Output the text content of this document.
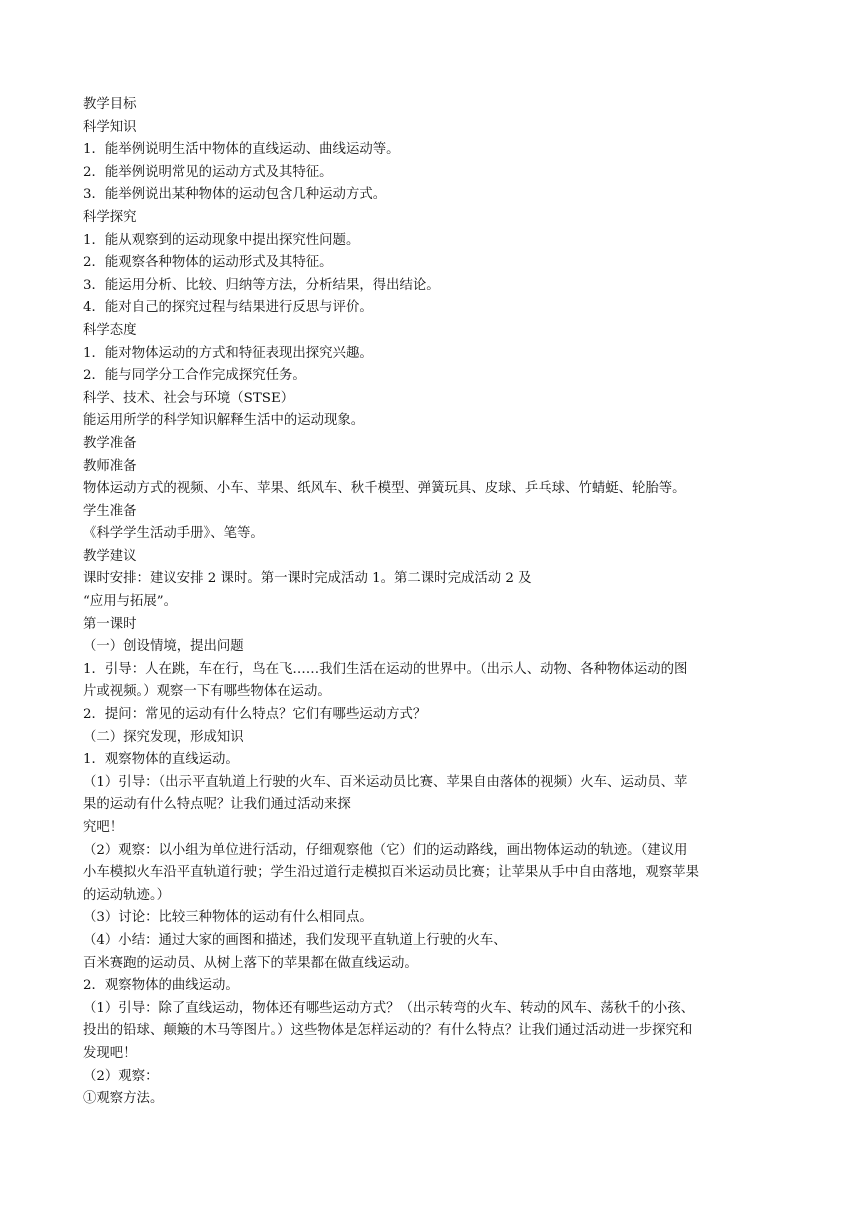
教学目标
科学知识
1．能举例说明生活中物体的直线运动、曲线运动等。
2．能举例说明常见的运动方式及其特征。
3．能举例说出某种物体的运动包含几种运动方式。
科学探究
1．能从观察到的运动现象中提出探究性问题。
2．能观察各种物体的运动形式及其特征。
3．能运用分析、比较、归纳等方法，分析结果，得出结论。
4．能对自己的探究过程与结果进行反思与评价。
科学态度
1．能对物体运动的方式和特征表现出探究兴趣。
2．能与同学分工合作完成探究任务。
科学、技术、社会与环境（STSE）
能运用所学的科学知识解释生活中的运动现象。
教学准备
教师准备
物体运动方式的视频、小车、苹果、纸风车、秋千模型、弹簧玩具、皮球、乒乓球、竹蜻蜓、轮胎等。
学生准备
《科学学生活动手册》、笔等。
教学建议
课时安排：建议安排 2 课时。第一课时完成活动 1。第二课时完成活动 2 及
“应用与拓展”。
第一课时
（一）创设情境，提出问题
1．引导：人在跳，车在行，鸟在飞……我们生活在运动的世界中。（出示人、动物、各种物体运动的图
片或视频。）观察一下有哪些物体在运动。
2．提问：常见的运动有什么特点？它们有哪些运动方式？
（二）探究发现，形成知识
1．观察物体的直线运动。
（1）引导：（出示平直轨道上行驶的火车、百米运动员比赛、苹果自由落体的视频）火车、运动员、苹
果的运动有什么特点呢？让我们通过活动来探
究吧！
（2）观察：以小组为单位进行活动，仔细观察他（它）们的运动路线，画出物体运动的轨迹。（建议用
小车模拟火车沿平直轨道行驶；学生沿过道行走模拟百米运动员比赛；让苹果从手中自由落地，观察苹果
的运动轨迹。）
（3）讨论：比较三种物体的运动有什么相同点。
（4）小结：通过大家的画图和描述，我们发现平直轨道上行驶的火车、
百米赛跑的运动员、从树上落下的苹果都在做直线运动。
2．观察物体的曲线运动。
（1）引导：除了直线运动，物体还有哪些运动方式？（出示转弯的火车、转动的风车、荡秋千的小孩、
投出的铅球、颠簸的木马等图片。）这些物体是怎样运动的？有什么特点？让我们通过活动进一步探究和
发现吧！
（2）观察：
①观察方法。
